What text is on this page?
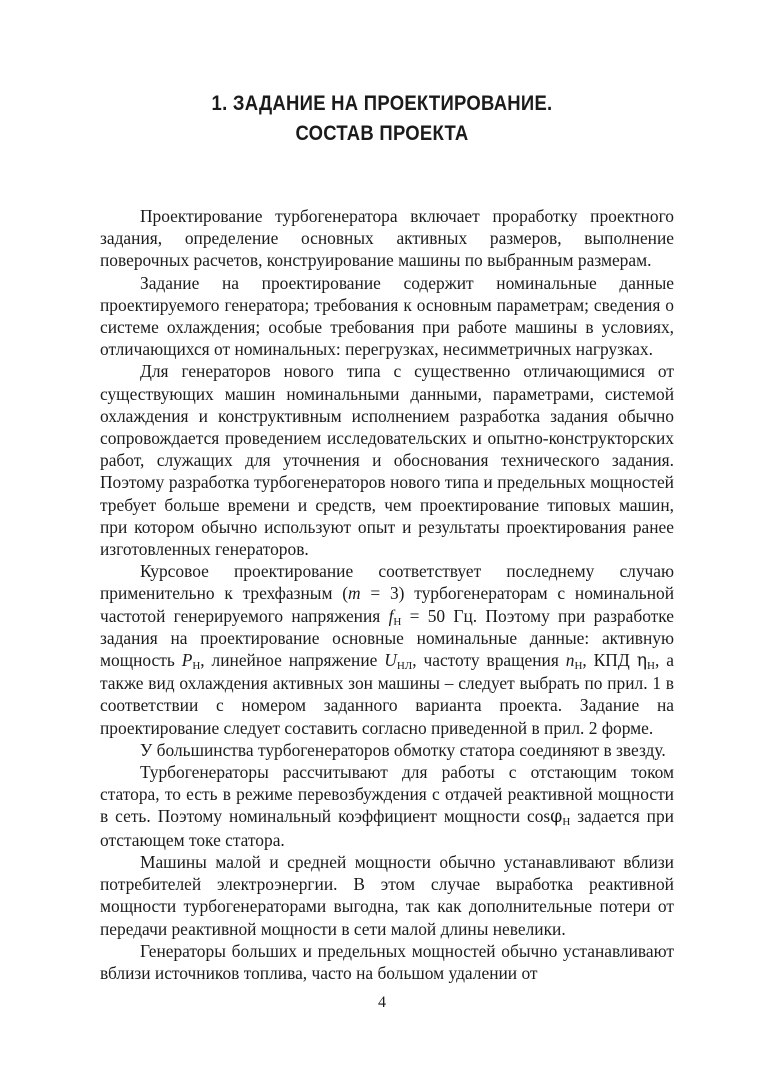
1. ЗАДАНИЕ НА ПРОЕКТИРОВАНИЕ.
СОСТАВ ПРОЕКТА

Проектирование турбогенератора включает проработку проектного задания, определение основных активных размеров, выполнение поверочных расчетов, конструирование машины по выбранным размерам.

Задание на проектирование содержит номинальные данные проектируемого генератора; требования к основным параметрам; сведения о системе охлаждения; особые требования при работе машины в условиях, отличающихся от номинальных: перегрузках, несимметричных нагрузках.

Для генераторов нового типа с существенно отличающимися от существующих машин номинальными данными, параметрами, системой охлаждения и конструктивным исполнением разработка задания обычно сопровождается проведением исследовательских и опытно-конструкторских работ, служащих для уточнения и обоснования технического задания. Поэтому разработка турбогенераторов нового типа и предельных мощностей требует больше времени и средств, чем проектирование типовых машин, при котором обычно используют опыт и результаты проектирования ранее изготовленных генераторов.

Курсовое проектирование соответствует последнему случаю применительно к трехфазным (m = 3) турбогенераторам с номинальной частотой генерируемого напряжения $f_Н = 50$ Гц. Поэтому при разработке задания на проектирование основные номинальные данные: активную мощность $P_Н$, линейное напряжение $U_{НЛ}$, частоту вращения $n_Н$, КПД $\eta_Н$, а также вид охлаждения активных зон машины – следует выбрать по прил. 1 в соответствии с номером заданного варианта проекта. Задание на проектирование следует составить согласно приведенной в прил. 2 форме.

У большинства турбогенераторов обмотку статора соединяют в звезду.

Турбогенераторы рассчитывают для работы с отстающим током статора, то есть в режиме перевозбуждения с отдачей реактивной мощности в сеть. Поэтому номинальный коэффициент мощности cosφ$_Н$ задается при отстающем токе статора.

Машины малой и средней мощности обычно устанавливают вблизи потребителей электроэнергии. В этом случае выработка реактивной мощности турбогенераторами выгодна, так как дополнительные потери от передачи реактивной мощности в сети малой длины невелики.

Генераторы больших и предельных мощностей обычно устанавливают вблизи источников топлива, часто на большом удалении от

4
